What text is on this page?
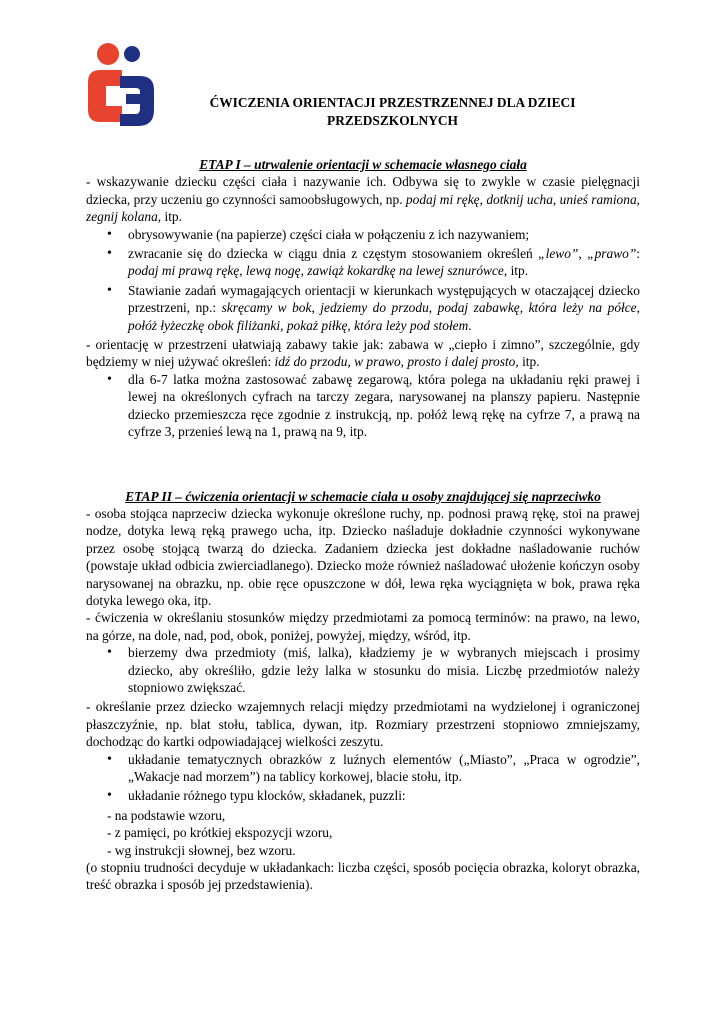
ĆWICZENIA ORIENTACJI PRZESTRZENNEJ DLA DZIECI
PRZEDSZKOLNYCH

ETAP I – utrwalenie orientacji w schemacie własnego ciała

- wskazywanie dziecku części ciała i nazywanie ich. Odbywa się to zwykle w czasie pielęgnacji dziecka, przy uczeniu go czynności samoobsługowych, np. podaj mi rękę, dotknij ucha, unieś ramiona, zegnij kolana, itp.

• obrysowywanie (na papierze) części ciała w połączeniu z ich nazywaniem;
• zwracanie się do dziecka w ciągu dnia z częstym stosowaniem określeń „lewo”, „prawo”: podaj mi prawą rękę, lewą nogę, zawiąż kokardkę na lewej sznurówce, itp.
• Stawianie zadań wymagających orientacji w kierunkach występujących w otaczającej dziecko przestrzeni, np.: skręcamy w bok, jedziemy do przodu, podaj zabawkę, która leży na półce, połóż łyżeczkę obok filiżanki, pokaż piłkę, która leży pod stołem.

- orientację w przestrzeni ułatwiają zabawy takie jak: zabawa w „ciepło i zimno”, szczególnie, gdy będziemy w niej używać określeń: idź do przodu, w prawo, prosto i dalej prosto, itp.

• dla 6-7 latka można zastosować zabawę zegarową, która polega na układaniu ręki prawej i lewej na określonych cyfrach na tarczy zegara, narysowanej na planszy papieru. Następnie dziecko przemieszcza ręce zgodnie z instrukcją, np. połóż lewą rękę na cyfrze 7, a prawą na cyfrze 3, przenieś lewą na 1, prawą na 9, itp.

ETAP II – ćwiczenia orientacji w schemacie ciała u osoby znajdującej się naprzeciwko

- osoba stojąca naprzeciw dziecka wykonuje określone ruchy, np. podnosi prawą rękę, stoi na prawej nodze, dotyka lewą ręką prawego ucha, itp. Dziecko naśladuje dokładnie czynności wykonywane przez osobę stojącą twarzą do dziecka. Zadaniem dziecka jest dokładne naśladowanie ruchów (powstaje układ odbicia zwierciadlanego). Dziecko może również naśladować ułożenie kończyn osoby narysowanej na obrazku, np. obie ręce opuszczone w dół, lewa ręka wyciągnięta w bok, prawa ręka dotyka lewego oka, itp.

- ćwiczenia w określaniu stosunków między przedmiotami za pomocą terminów: na prawo, na lewo, na górze, na dole, nad, pod, obok, poniżej, powyżej, między, wśród, itp.

• bierzemy dwa przedmioty (miś, lalka), kładziemy je w wybranych miejscach i prosimy dziecko, aby określiło, gdzie leży lalka w stosunku do misia. Liczbę przedmiotów należy stopniowo zwiększać.

- określanie przez dziecko wzajemnych relacji między przedmiotami na wydzielonej i ograniczonej płaszczyźnie, np. blat stołu, tablica, dywan, itp. Rozmiary przestrzeni stopniowo zmniejszamy, dochodząc do kartki odpowiadającej wielkości zeszytu.

• układanie tematycznych obrazków z luźnych elementów („Miasto”, „Praca w ogrodzie”, „Wakacje nad morzem”) na tablicy korkowej, blacie stołu, itp.
• układanie różnego typu klocków, składanek, puzzli:

- na podstawie wzoru,

- z pamięci, po krótkiej ekspozycji wzoru,

- wg instrukcji słownej, bez wzoru.

(o stopniu trudności decyduje w układankach: liczba części, sposób pocięcia obrazka, koloryt obrazka, treść obrazka i sposób jej przedstawienia).
